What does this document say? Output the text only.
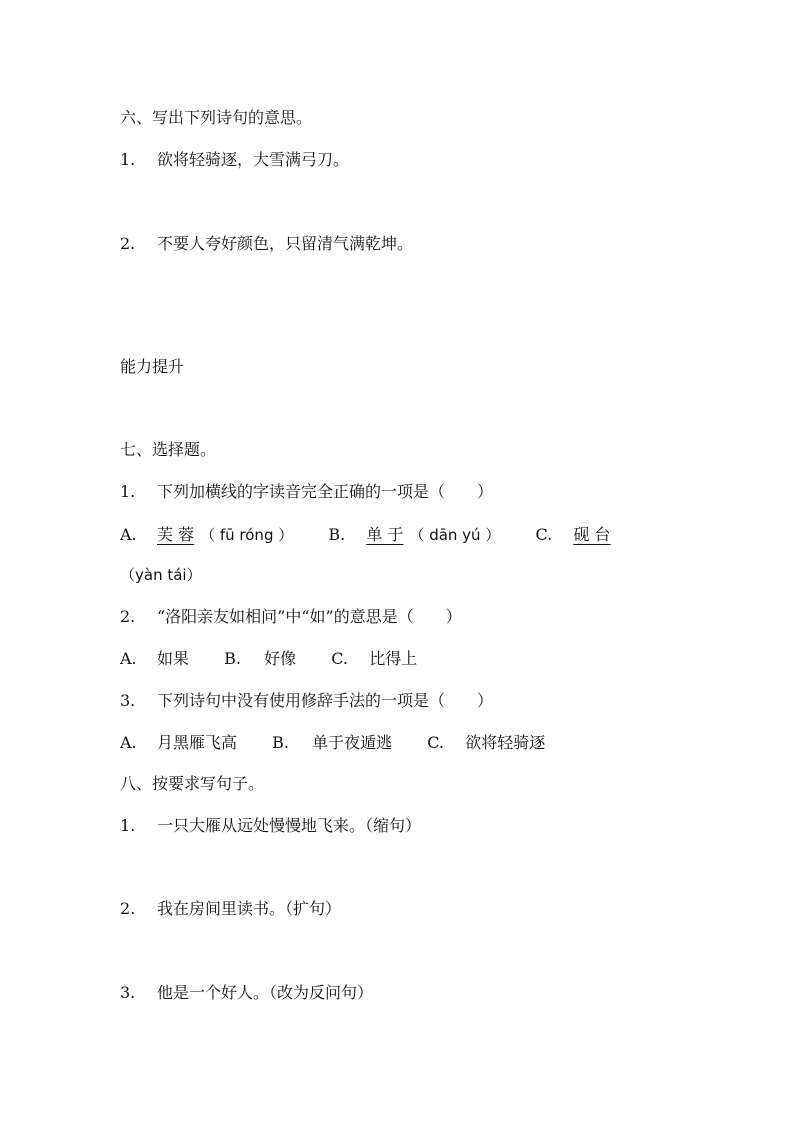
六、写出下列诗句的意思。
1. 欲将轻骑逐，大雪满弓刀。
2. 不要人夸好颜色，只留清气满乾坤。
能力提升
七、选择题。
1. 下列加横线的字读音完全正确的一项是（　　）
A. 芙 蓉 （ fū róng ） B. 单 于 （ dān yú ） C. 砚 台
（yàn tái）
2. “洛阳亲友如相问”中“如”的意思是（　　）
A. 如果 B. 好像 C. 比得上
3. 下列诗句中没有使用修辞手法的一项是（　　）
A. 月黑雁飞高 B. 单于夜遁逃 C. 欲将轻骑逐
八、按要求写句子。
1. 一只大雁从远处慢慢地飞来。（缩句）
2. 我在房间里读书。（扩句）
3. 他是一个好人。（改为反问句）
